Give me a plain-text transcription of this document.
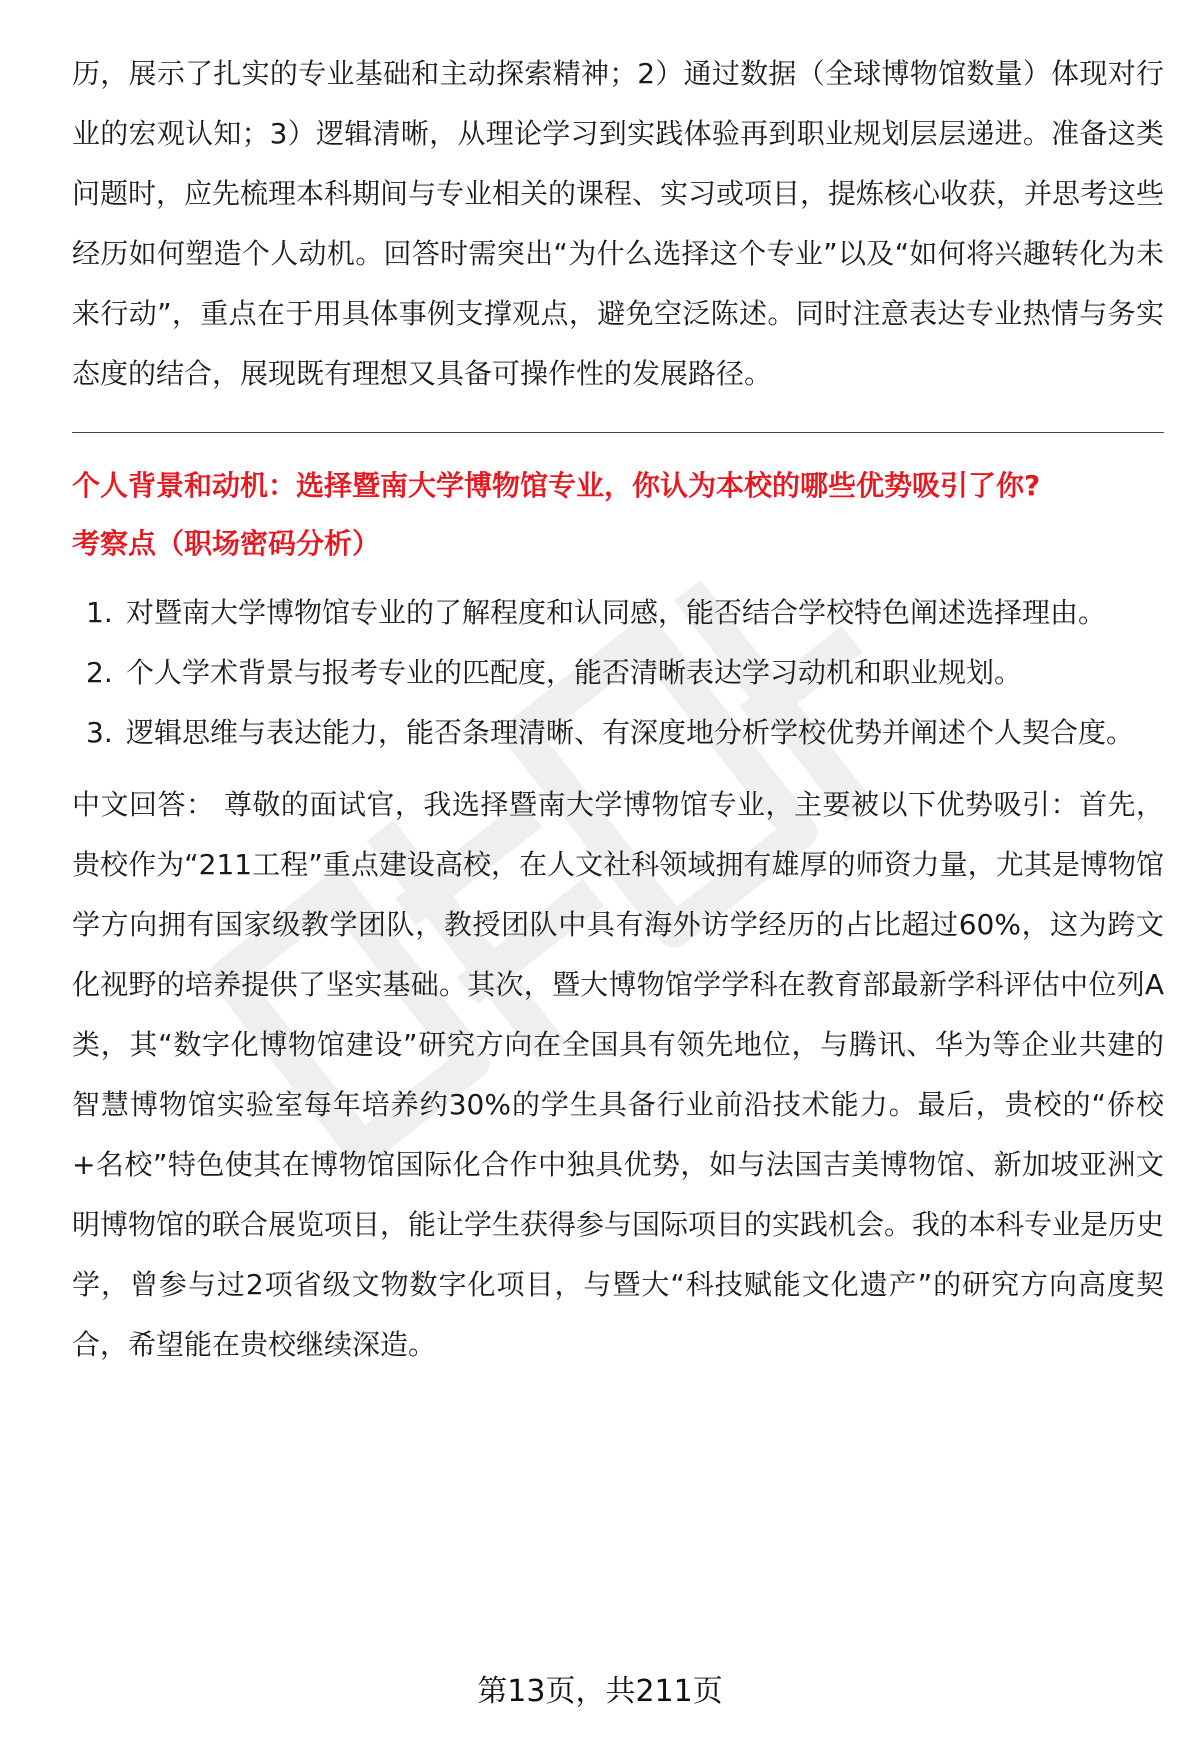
历，展示了扎实的专业基础和主动探索精神；2）通过数据（全球博物馆数量）体现对行业的宏观认知；3）逻辑清晰，从理论学习到实践体验再到职业规划层层递进。准备这类问题时，应先梳理本科期间与专业相关的课程、实习或项目，提炼核心收获，并思考这些经历如何塑造个人动机。回答时需突出“为什么选择这个专业”以及“如何将兴趣转化为未来行动”，重点在于用具体事例支撑观点，避免空泛陈述。同时注意表达专业热情与务实态度的结合，展现既有理想又具备可操作性的发展路径。

个人背景和动机：选择暨南大学博物馆专业，你认为本校的哪些优势吸引了你?

考察点（职场密码分析）

1. 对暨南大学博物馆专业的了解程度和认同感，能否结合学校特色阐述选择理由。
2. 个人学术背景与报考专业的匹配度，能否清晰表达学习动机和职业规划。
3. 逻辑思维与表达能力，能否条理清晰、有深度地分析学校优势并阐述个人契合度。

中文回答： 尊敬的面试官，我选择暨南大学博物馆专业，主要被以下优势吸引：首先，贵校作为“211工程”重点建设高校，在人文社科领域拥有雄厚的师资力量，尤其是博物馆学方向拥有国家级教学团队，教授团队中具有海外访学经历的占比超过60%，这为跨文化视野的培养提供了坚实基础。其次，暨大博物馆学学科在教育部最新学科评估中位列A类，其“数字化博物馆建设”研究方向在全国具有领先地位，与腾讯、华为等企业共建的智慧博物馆实验室每年培养约30%的学生具备行业前沿技术能力。最后，贵校的“侨校+名校”特色使其在博物馆国际化合作中独具优势，如与法国吉美博物馆、新加坡亚洲文明博物馆的联合展览项目，能让学生获得参与国际项目的实践机会。我的本科专业是历史学，曾参与过2项省级文物数字化项目，与暨大“科技赋能文化遗产”的研究方向高度契合，希望能在贵校继续深造。

第13页，共211页
